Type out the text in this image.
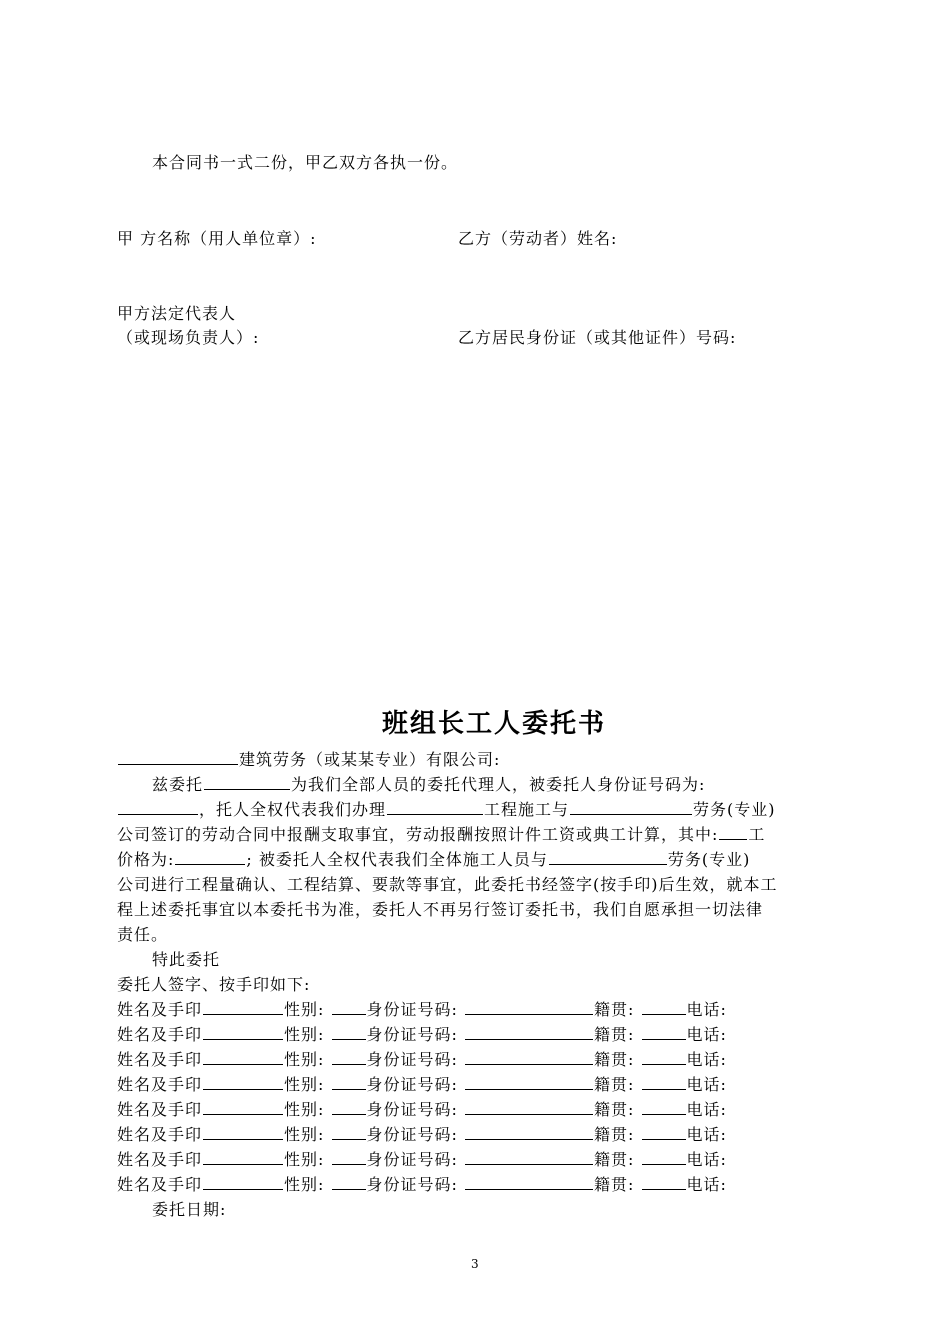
本合同书一式二份，甲乙双方各执一份。
甲 方名称（用人单位章）:	乙方（劳动者）姓名:
甲方法定代表人
（或现场负责人）:	乙方居民身份证（或其他证件）号码:
班组长工人委托书
建筑劳务（或某某专业）有限公司:
兹委托	为我们全部人员的委托代理人，被委托人身份证号码为:
，托人全权代表我们办理	工程施工与	劳务(专业)
公司签订的劳动合同中报酬支取事宜，劳动报酬按照计件工资或典工计算，其中: 工
价格为:	; 被委托人全权代表我们全体施工人员与	劳务(专业)
公司进行工程量确认、工程结算、要款等事宜，此委托书经签字(按手印)后生效，就本工
程上述委托事宜以本委托书为准，委托人不再另行签订委托书，我们自愿承担一切法律
责任。
特此委托
委托人签字、按手印如下:
姓名及手印	性别:	身份证号码:	籍贯:	电话:
姓名及手印	性别:	身份证号码:	籍贯:	电话:
姓名及手印	性别:	身份证号码:	籍贯:	电话:
姓名及手印	性别:	身份证号码:	籍贯:	电话:
姓名及手印	性别:	身份证号码:	籍贯:	电话:
姓名及手印	性别:	身份证号码:	籍贯:	电话:
姓名及手印	性别:	身份证号码:	籍贯:	电话:
姓名及手印	性别:	身份证号码:	籍贯:	电话:
委托日期:
3
